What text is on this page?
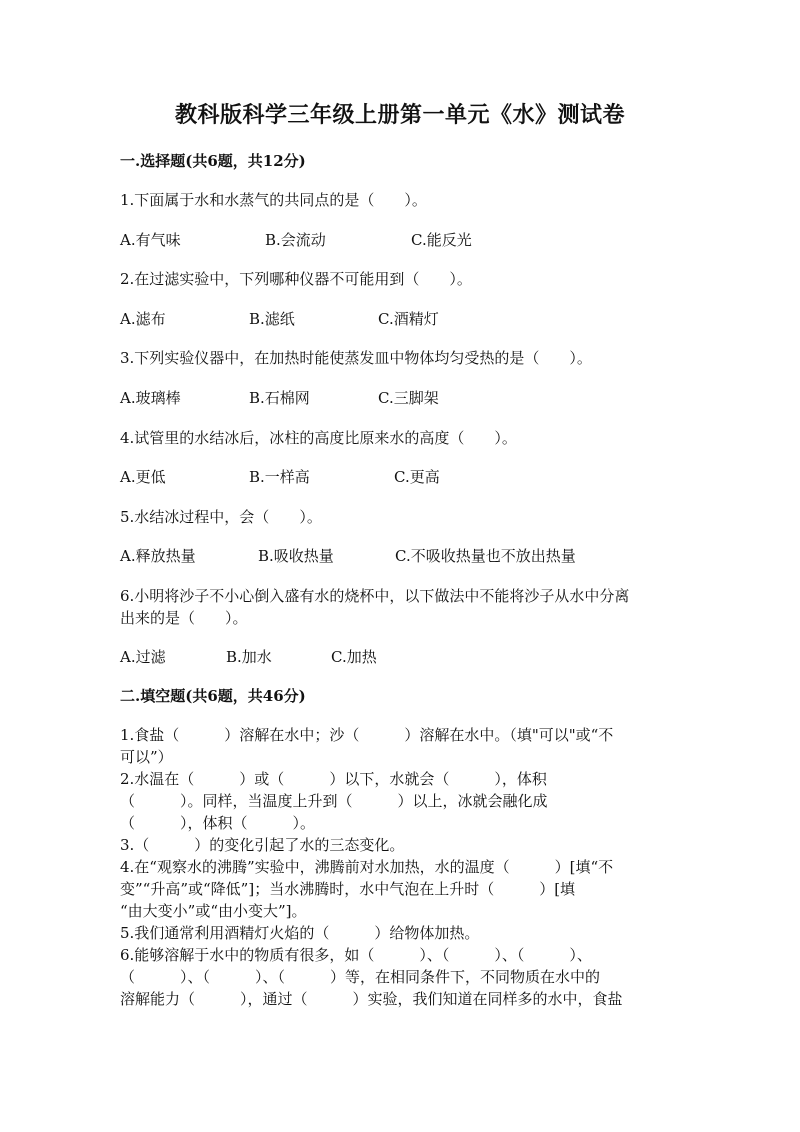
教科版科学三年级上册第一单元《水》测试卷
一.选择题(共6题，共12分)
1.下面属于水和水蒸气的共同点的是（　　）。
A.有气味	B.会流动	C.能反光
2.在过滤实验中，下列哪种仪器不可能用到（　　）。
A.滤布	B.滤纸	C.酒精灯
3.下列实验仪器中，在加热时能使蒸发皿中物体均匀受热的是（　　）。
A.玻璃棒	B.石棉网	C.三脚架
4.试管里的水结冰后，冰柱的高度比原来水的高度（　　）。
A.更低	B.一样高	C.更高
5.水结冰过程中，会（　　）。
A.释放热量	B.吸收热量	C.不吸收热量也不放出热量
6.小明将沙子不小心倒入盛有水的烧杯中，以下做法中不能将沙子从水中分离
出来的是（　　）。
A.过滤	B.加水	C.加热
二.填空题(共6题，共46分)

1.食盐（　　　）溶解在水中；沙（　　　）溶解在水中。（填"可以"或“不

可以”）

2.水温在（　　　）或（　　　）以下，水就会（　　　），体积

（　　　）。同样，当温度上升到（　　　）以上，冰就会融化成

（　　　），体积（　　　）。

3.（　　　）的变化引起了水的三态变化。

4.在“观察水的沸腾”实验中，沸腾前对水加热，水的温度（　　　）[填“不

变”“升高”或“降低”]；当水沸腾时，水中气泡在上升时（　　　）[填

“由大变小”或“由小变大”]。

5.我们通常利用酒精灯火焰的（　　　）给物体加热。

6.能够溶解于水中的物质有很多，如（　　　）、（　　　）、（　　　）、

（　　　）、（　　　）、（　　　）等，在相同条件下，不同物质在水中的

溶解能力（　　　），通过（　　　）实验，我们知道在同样多的水中，食盐
